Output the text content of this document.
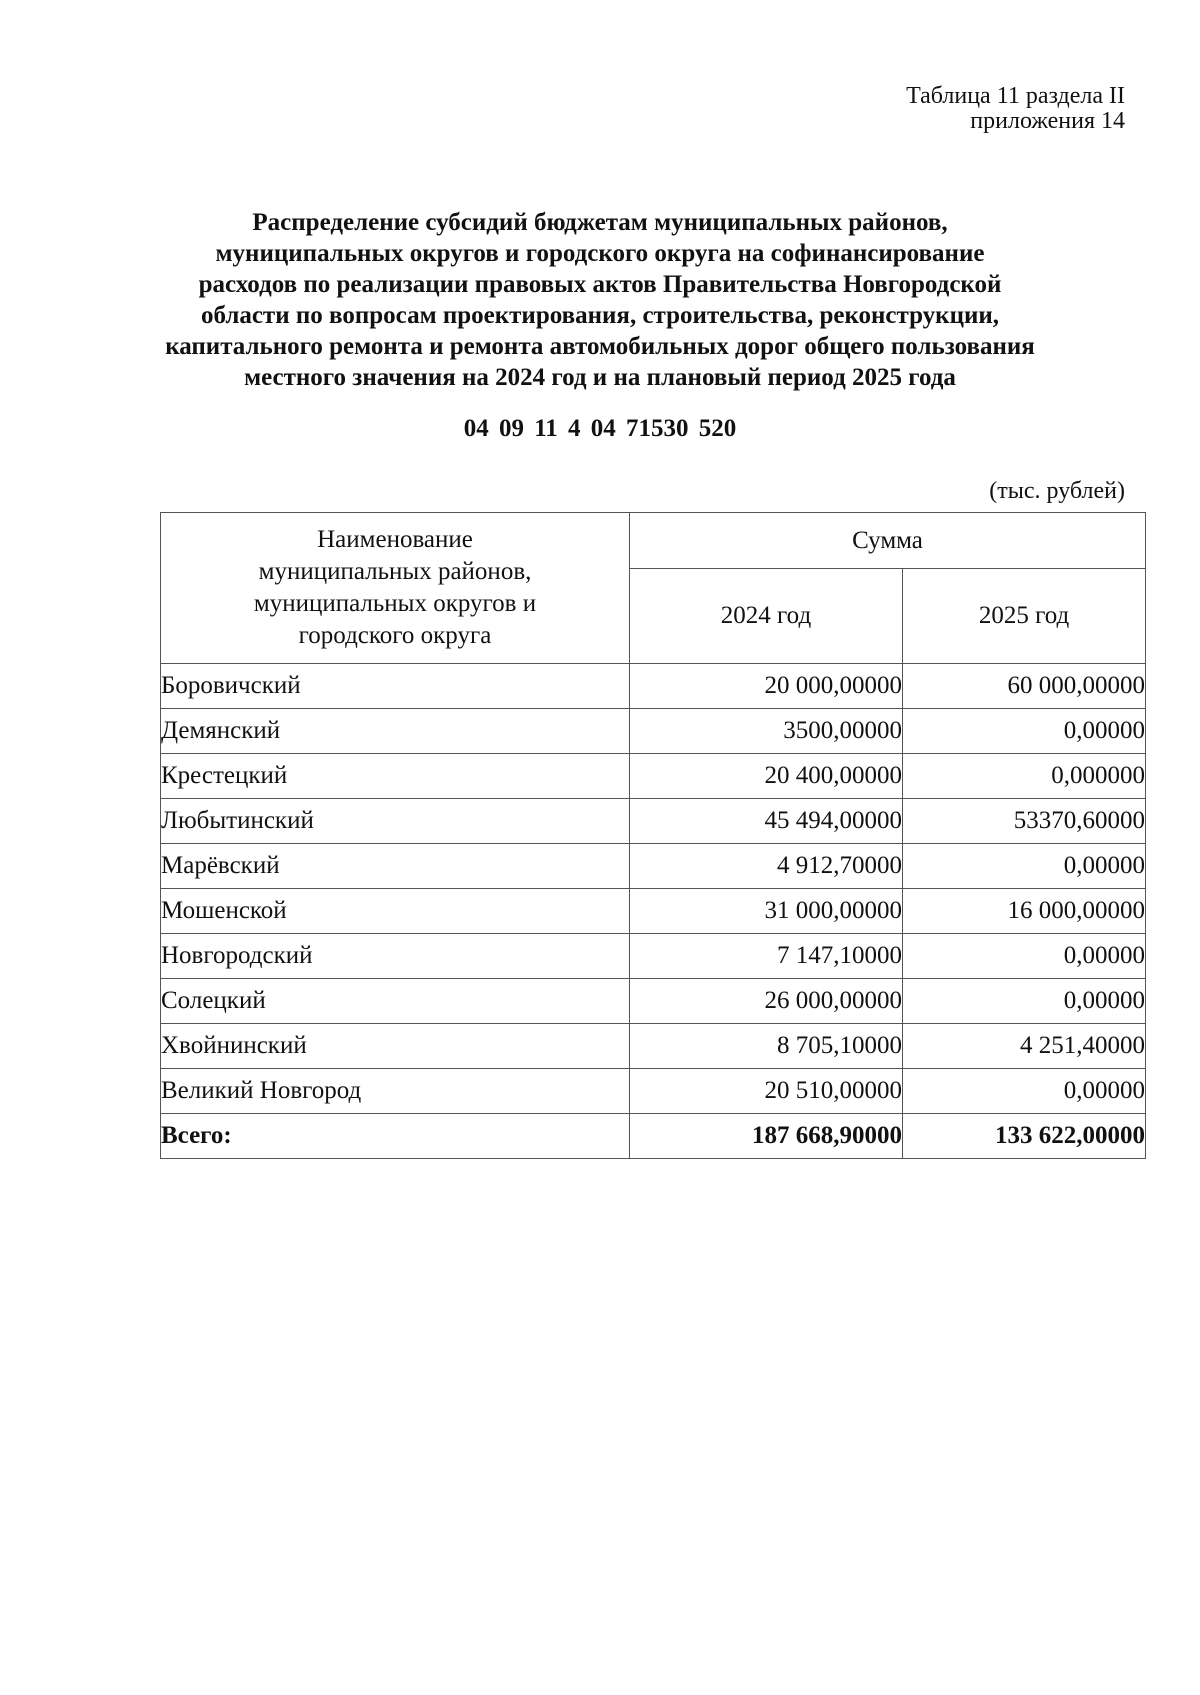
Таблица 11 раздела II
приложения 14
Распределение субсидий бюджетам муниципальных районов,
муниципальных округов и городского округа на софинансирование
расходов по реализации правовых актов Правительства Новгородской
области по вопросам проектирования, строительства, реконструкции,
капитального ремонта и ремонта автомобильных дорог общего пользования
местного значения на 2024 год и на плановый период 2025 года
04 09 11 4 04 71530 520
(тыс. рублей)
Наименование
муниципальных районов,
муниципальных округов и
городского округа	Сумма	
	2024 год	2025 год
Боровичский	20 000,00000	60 000,00000
Демянский	3500,00000	0,00000
Крестецкий	20 400,00000	0,000000
Любытинский	45 494,00000	53370,60000
Марёвский	4 912,70000	0,00000
Мошенской	31 000,00000	16 000,00000
Новгородский	7 147,10000	0,00000
Солецкий	26 000,00000	0,00000
Хвойнинский	8 705,10000	4 251,40000
Великий Новгород	20 510,00000	0,00000
Всего:	187 668,90000	133 622,00000
